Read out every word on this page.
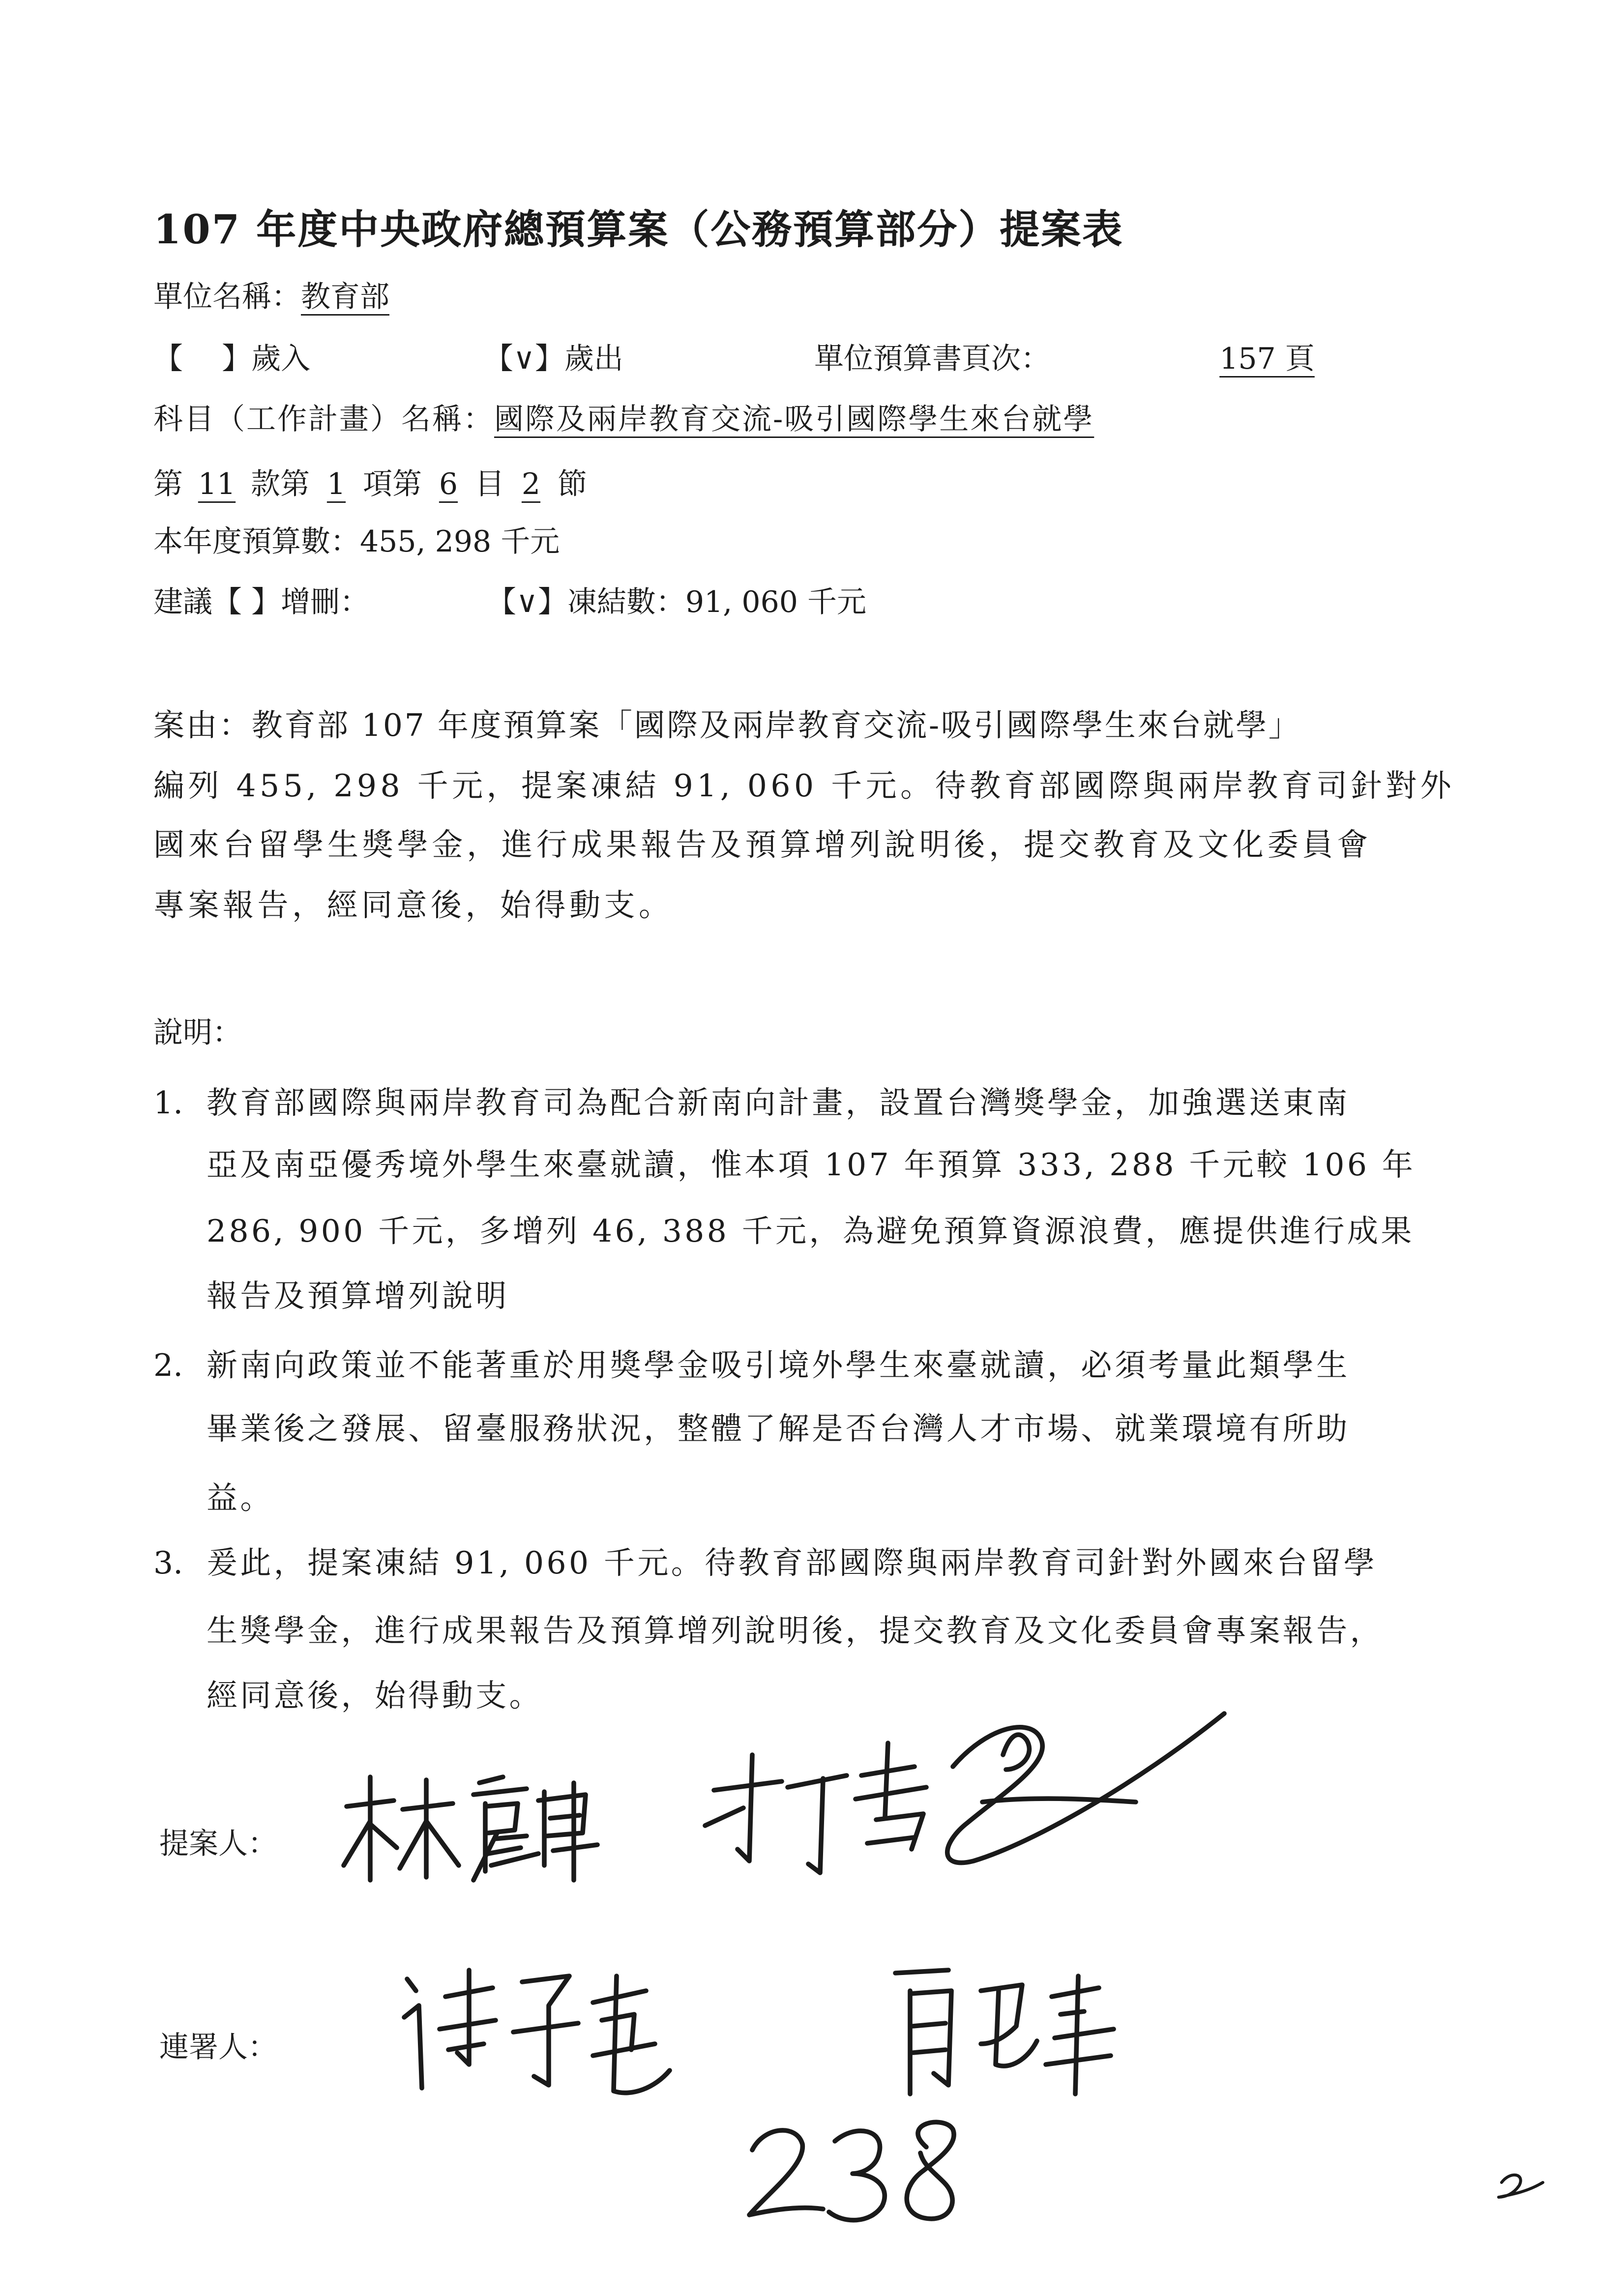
107 年度中央政府總預算案（公務預算部分）提案表
單位名稱：教育部
【　 】歲入	【∨】歲出	單位預算書頁次：	157 頁
科目（工作計畫）名稱：國際及兩岸教育交流-吸引國際學生來台就學
第 11 款第 1 項第 6 目 2 節
本年度預算數：455, 298 千元
建議【 】增刪：	【∨】凍結數：91, 060 千元
案由：教育部 107 年度預算案「國際及兩岸教育交流-吸引國際學生來台就學」
編列 455, 298 千元，提案凍結 91, 060 千元。待教育部國際與兩岸教育司針對外
國來台留學生獎學金，進行成果報告及預算增列說明後，提交教育及文化委員會
專案報告，經同意後，始得動支。
說明：
1. 教育部國際與兩岸教育司為配合新南向計畫，設置台灣獎學金，加強選送東南
亞及南亞優秀境外學生來臺就讀，惟本項 107 年預算 333, 288 千元較 106 年
286, 900 千元，多增列 46, 388 千元，為避免預算資源浪費，應提供進行成果
報告及預算增列說明
2. 新南向政策並不能著重於用獎學金吸引境外學生來臺就讀，必須考量此類學生
畢業後之發展、留臺服務狀況，整體了解是否台灣人才市場、就業環境有所助
益。
3. 爰此，提案凍結 91, 060 千元。待教育部國際與兩岸教育司針對外國來台留學
生獎學金，進行成果報告及預算增列說明後，提交教育及文化委員會專案報告，
經同意後，始得動支。
提案人：
連署人：
